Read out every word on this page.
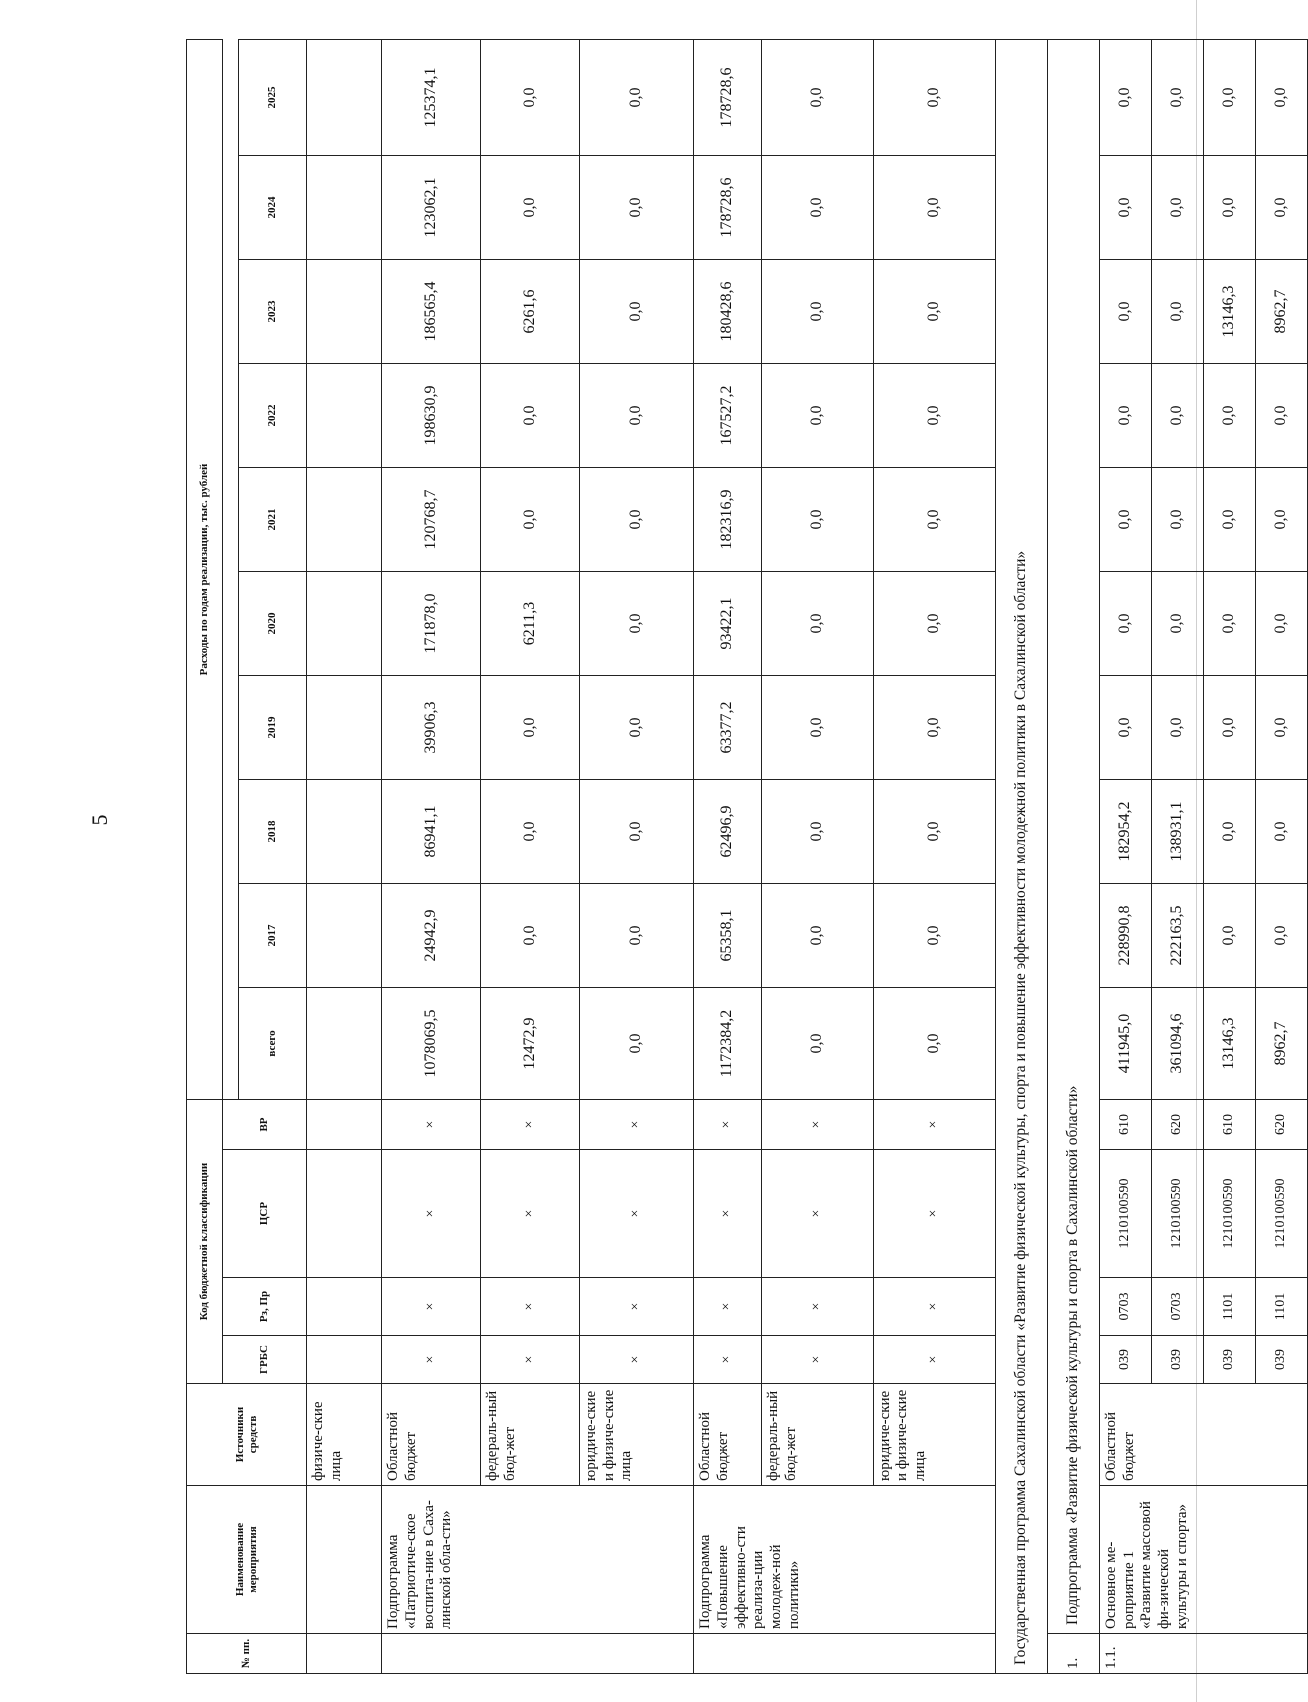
5
№ пп.	Наименование мероприятия	Источники средств	Код бюджетной классификации				Расходы по годам реализации, тыс. рублей									
			ГРБС	Рз, Пр	ЦСР	ВР										
							всего	2017	2018	2019	2020	2021	2022	2023	2024	2025
		физиче-ские лица														
	Подпрограмма «Патриотиче-ское воспита-ние в Саха-линской обла-сти»	Областной бюджет	×	×	×	×	1078069,5	24942,9	86941,1	39906,3	171878,0	120768,7	198630,9	186565,4	123062,1	125374,1
		федераль-ный бюд-жет	×	×	×	×	12472,9	0,0	0,0	0,0	6211,3	0,0	0,0	6261,6	0,0	0,0
		юридиче-ские и физиче-ские лица	×	×	×	×	0,0	0,0	0,0	0,0	0,0	0,0	0,0	0,0	0,0	0,0
	Подпрограмма «Повышение эффективно-сти реализа-ции молодеж-ной политики»	Областной бюджет	×	×	×	×	1172384,2	65358,1	62496,9	63377,2	93422,1	182316,9	167527,2	180428,6	178728,6	178728,6
		федераль-ный бюд-жет	×	×	×	×	0,0	0,0	0,0	0,0	0,0	0,0	0,0	0,0	0,0	0,0
		юридиче-ские и физиче-ские лица	×	×	×	×	0,0	0,0	0,0	0,0	0,0	0,0	0,0	0,0	0,0	0,0
Государственная программа Сахалинской области «Развитие физической культуры, спорта и повышение эффективности молодежной политики в Сахалинской области»																
1.	Подпрограмма «Развитие физической культуры и спорта в Сахалинской области»															
1.1.	Основное ме-роприятие 1 «Развитие массовой фи-зической культуры и спорта»	Областной бюджет	039	0703	1210100590	610	411945,0	228990,8	182954,2	0,0	0,0	0,0	0,0	0,0	0,0	0,0
			039	0703	1210100590	620	361094,6	222163,5	138931,1	0,0	0,0	0,0	0,0	0,0	0,0	0,0
			039	1101	1210100590	610	13146,3	0,0	0,0	0,0	0,0	0,0	0,0	13146,3	0,0	0,0
			039	1101	1210100590	620	8962,7	0,0	0,0	0,0	0,0	0,0	0,0	8962,7	0,0	0,0
